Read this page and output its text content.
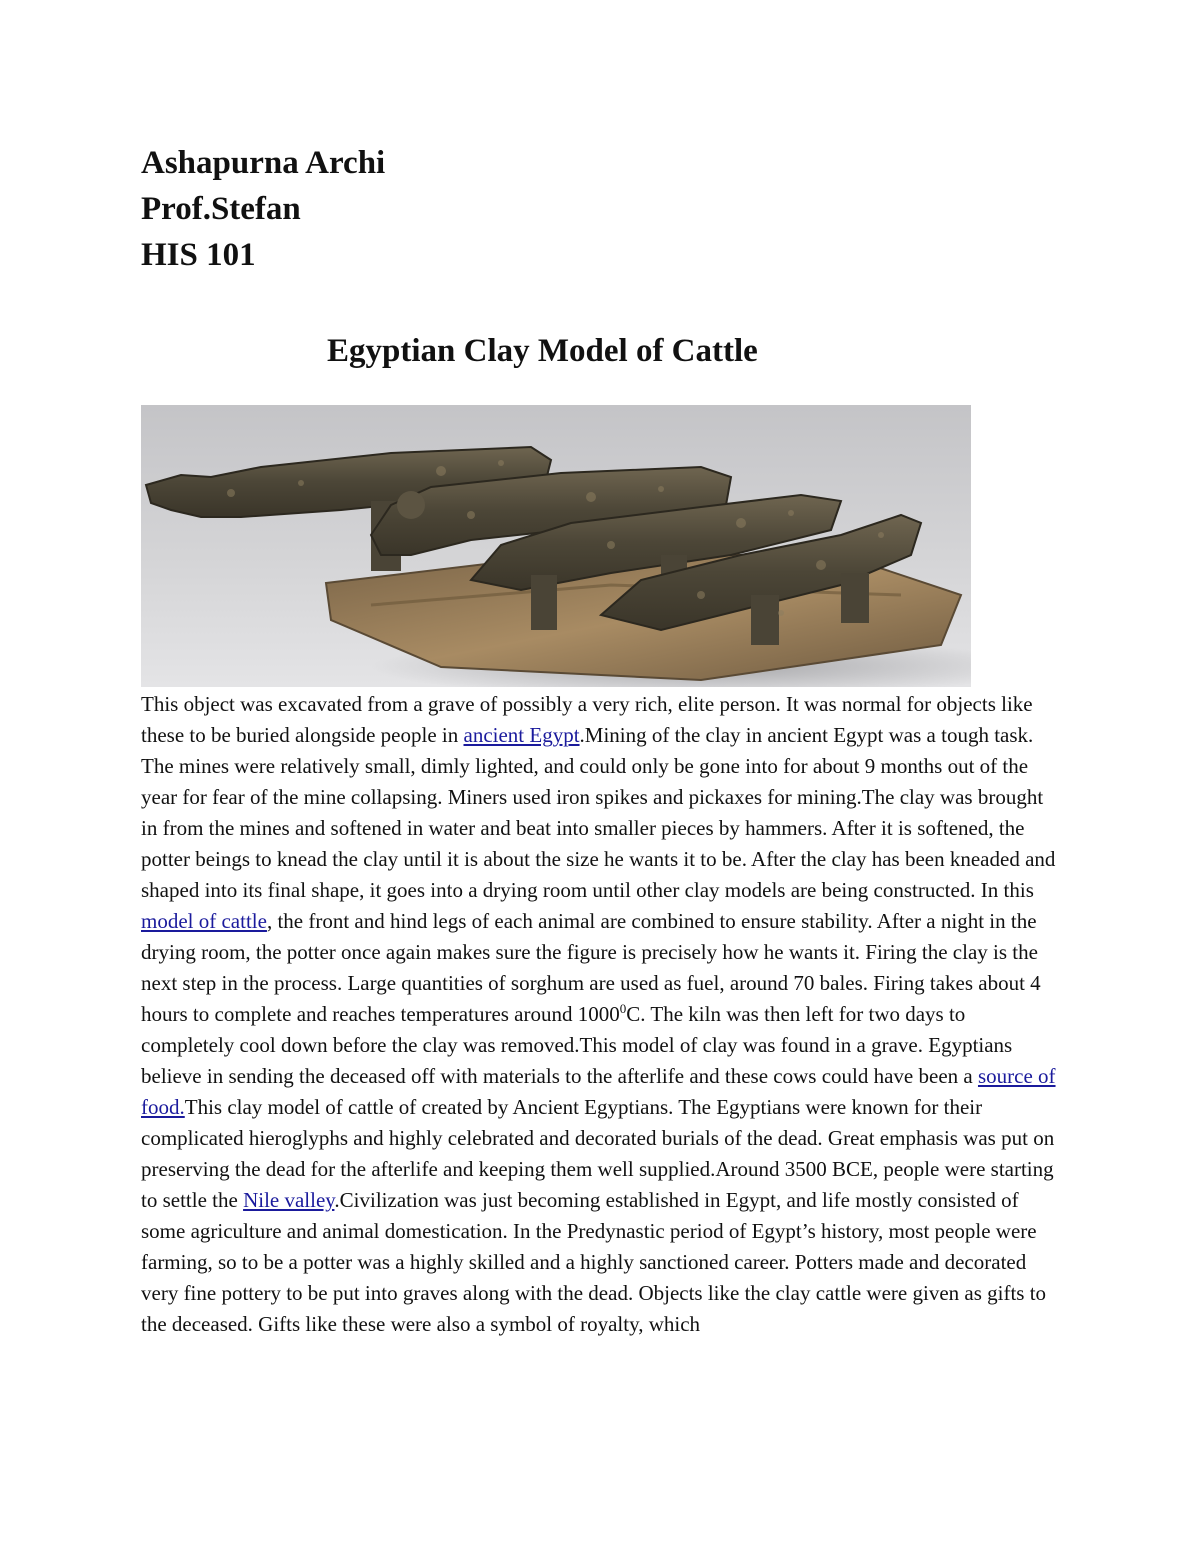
Ashapurna Archi
Prof.Stefan
HIS 101
Egyptian Clay Model of Cattle

This object was excavated from a grave of possibly a very rich, elite person. It was normal for objects like these to be buried alongside people in ancient Egypt.Mining of the clay in ancient Egypt was a tough task. The mines were relatively small, dimly lighted, and could only be gone into for about 9 months out of the year for fear of the mine collapsing. Miners used iron spikes and pickaxes for mining.The clay was brought in from the mines and softened in water and beat into smaller pieces by hammers. After it is softened, the potter beings to knead the clay until it is about the size he wants it to be. After the clay has been kneaded and shaped into its final shape, it goes into a drying room until other clay models are being constructed. In this model of cattle, the front and hind legs of each animal are combined to ensure stability. After a night in the drying room, the potter once again makes sure the figure is precisely how he wants it. Firing the clay is the next step in the process. Large quantities of sorghum are used as fuel, around 70 bales. Firing takes about 4 hours to complete and reaches temperatures around 1000$^0$C. The kiln was then left for two days to completely cool down before the clay was removed.This model of clay was found in a grave. Egyptians believe in sending the deceased off with materials to the afterlife and these cows could have been a source of food.This clay model of cattle of created by Ancient Egyptians. The Egyptians were known for their complicated hieroglyphs and highly celebrated and decorated burials of the dead. Great emphasis was put on preserving the dead for the afterlife and keeping them well supplied.Around 3500 BCE, people were starting to settle the Nile valley.Civilization was just becoming established in Egypt, and life mostly consisted of some agriculture and animal domestication. In the Predynastic period of Egypt’s history, most people were farming, so to be a potter was a highly skilled and a highly sanctioned career. Potters made and decorated very fine pottery to be put into graves along with the dead. Objects like the clay cattle were given as gifts to the deceased. Gifts like these were also a symbol of royalty, which
